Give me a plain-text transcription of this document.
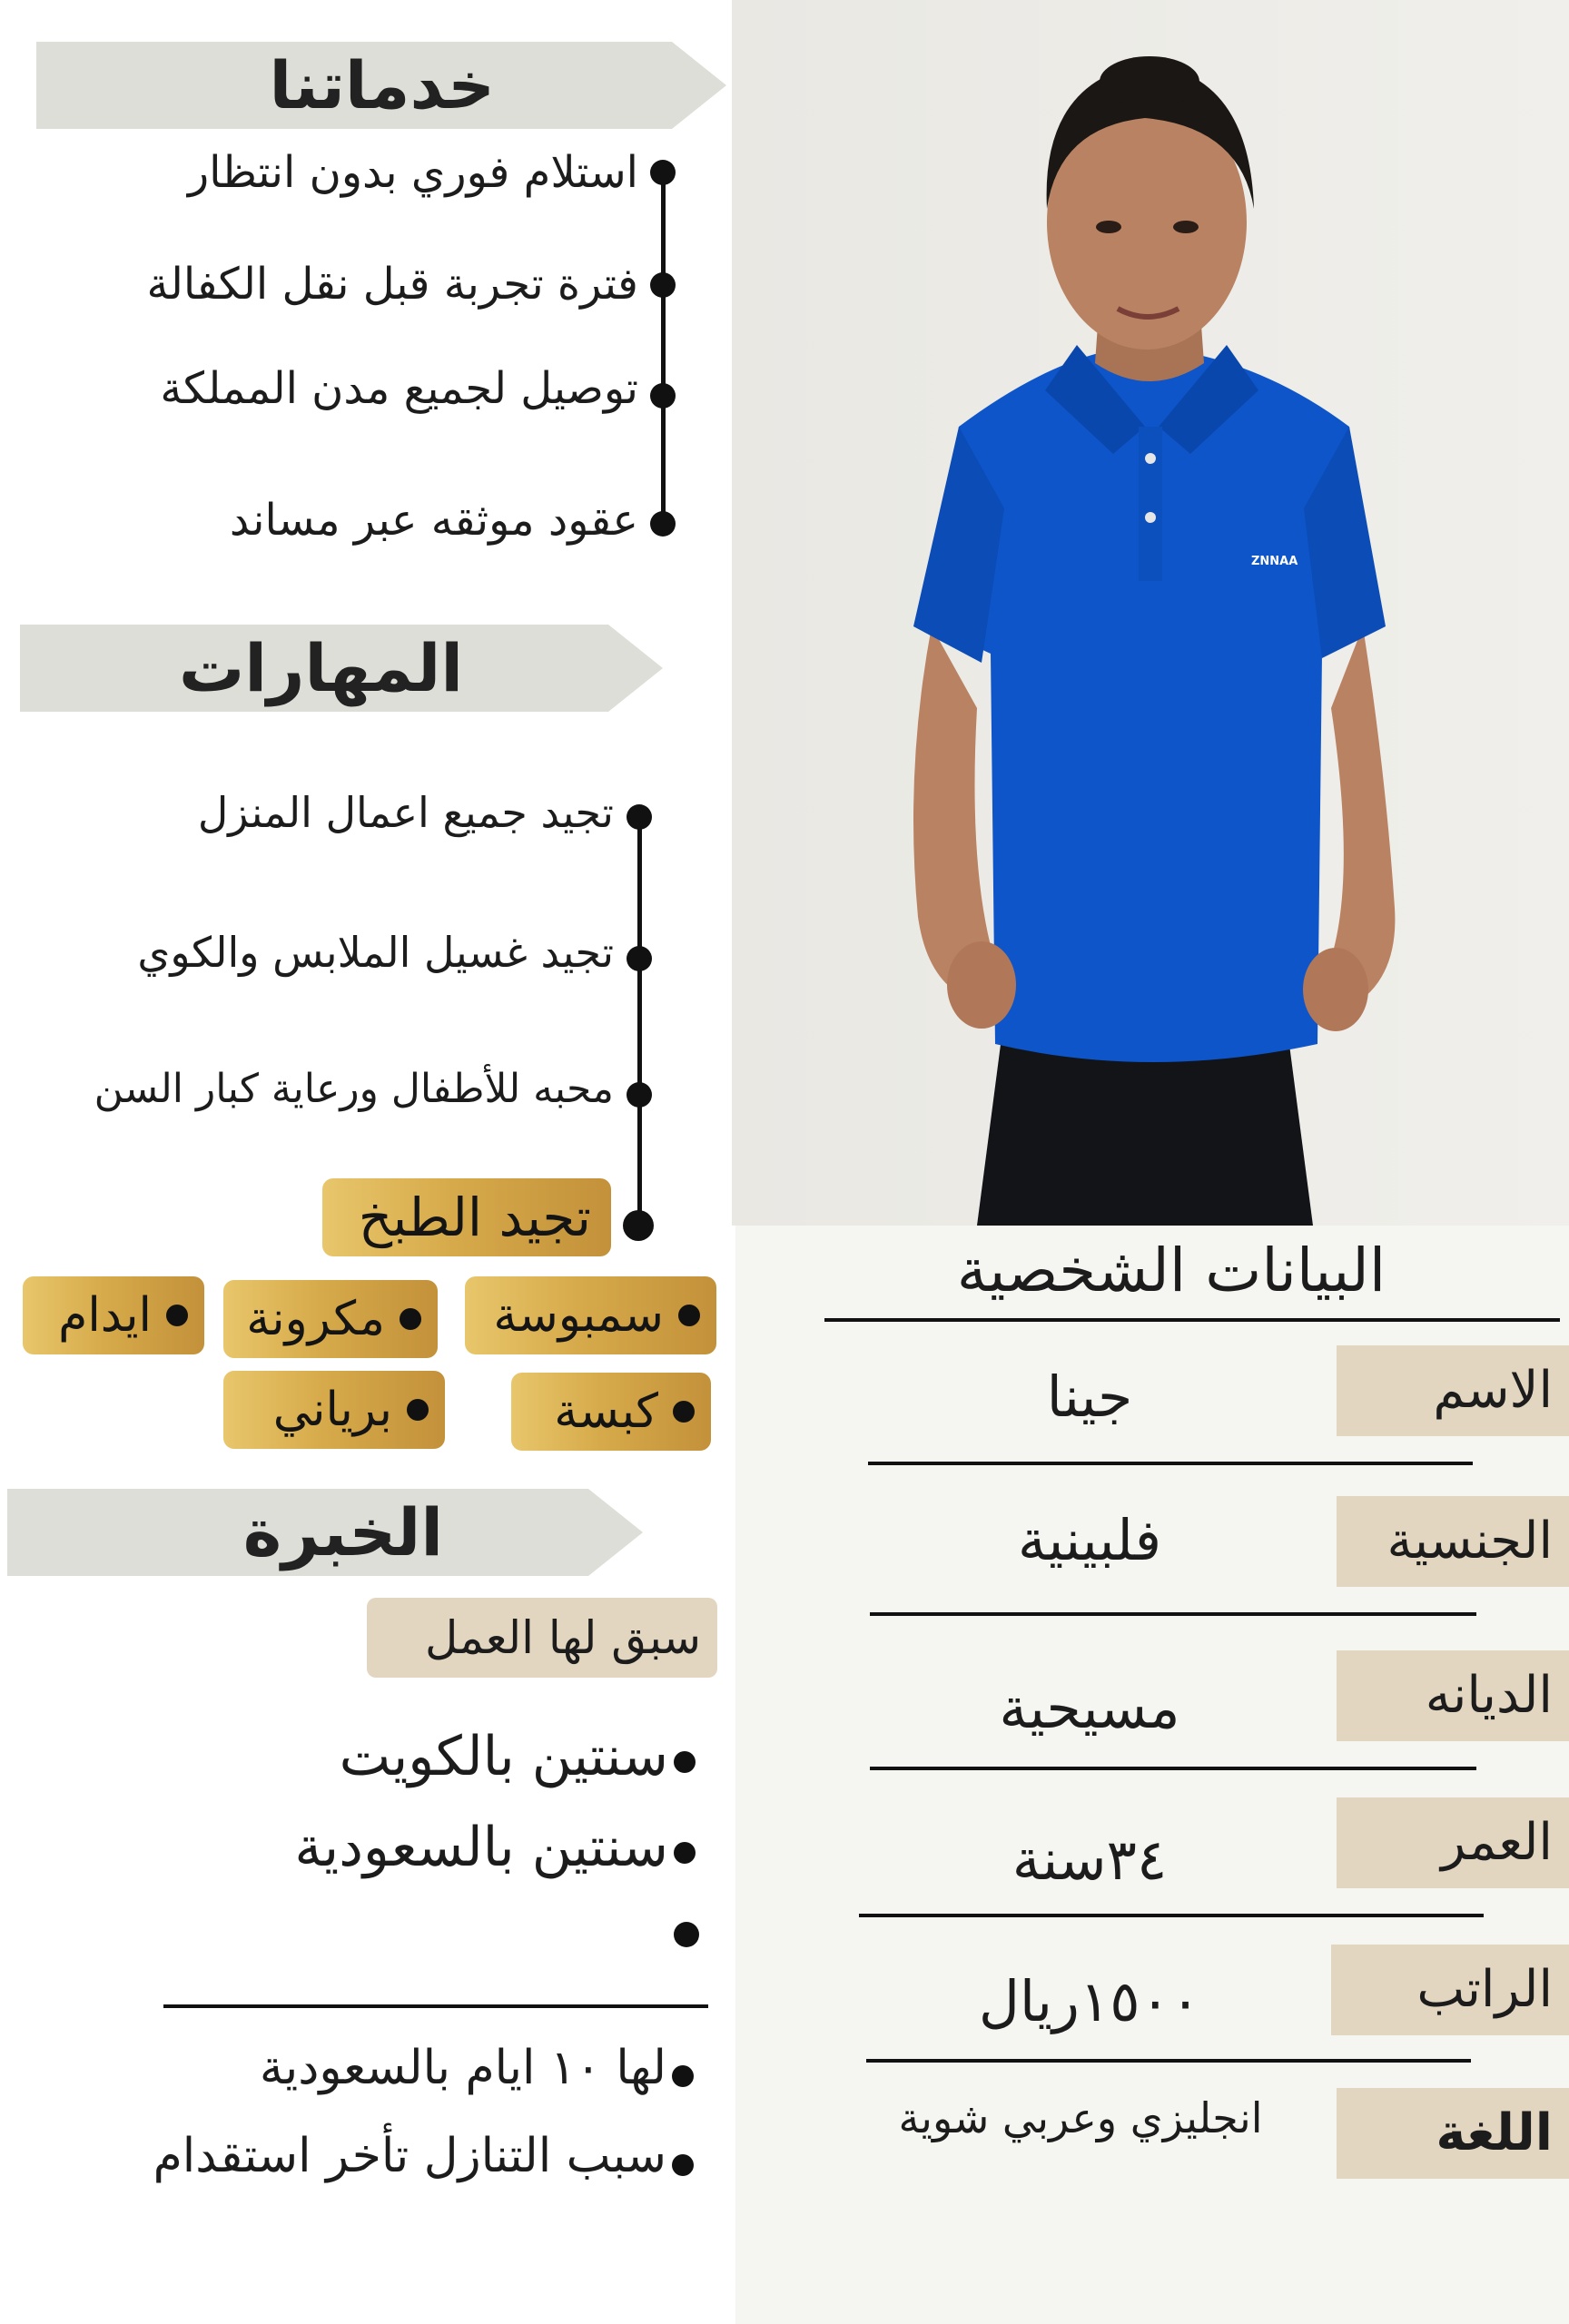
ZNNAA
خدماتنا
استلام فوري بدون انتظار
فترة تجربة قبل نقل الكفالة
توصيل لجميع مدن المملكة
عقود موثقه عبر مساند
المهارات
تجيد جميع اعمال المنزل
تجيد غسيل الملابس والكوي
محبه للأطفال ورعاية كبار السن
تجيد الطبخ
سمبوسة
مكرونة
ايدام
كبسة
برياني
الخبرة
سبق لها العمل
سنتين بالكويت
سنتين بالسعودية
لها ١٠ ايام بالسعودية
سبب التنازل تأخر استقدام
البيانات الشخصية
الاسم
جينا
الجنسية
فلبينية
الديانه
مسيحية
العمر
٣٤سنة
الراتب
١٥٠٠ريال
اللغة
انجليزي وعربي شوية
